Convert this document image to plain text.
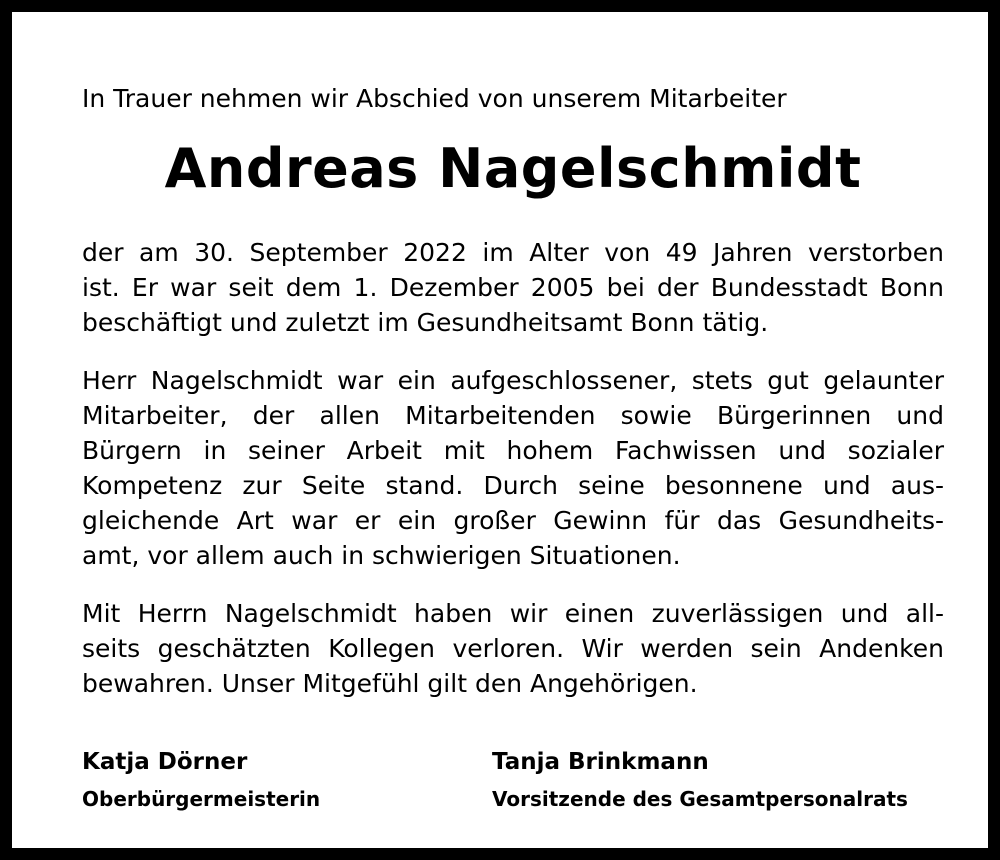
In Trauer nehmen wir Abschied von unserem Mitarbeiter
Andreas Nagelschmidt
der am 30. September 2022 im Alter von 49 Jahren verstorben
ist. Er war seit dem 1. Dezember 2005 bei der Bundesstadt Bonn
beschäftigt und zuletzt im Gesundheitsamt Bonn tätig.
Herr Nagelschmidt war ein aufgeschlossener, stets gut gelaunter
Mitarbeiter, der allen Mitarbeitenden sowie Bürgerinnen und
Bürgern in seiner Arbeit mit hohem Fachwissen und sozialer
Kompetenz zur Seite stand. Durch seine besonnene und aus-
gleichende Art war er ein großer Gewinn für das Gesundheits-
amt, vor allem auch in schwierigen Situationen.
Mit Herrn Nagelschmidt haben wir einen zuverlässigen und all-
seits geschätzten Kollegen verloren. Wir werden sein Andenken
bewahren. Unser Mitgefühl gilt den Angehörigen.
Katja Dörner
Oberbürgermeisterin
Tanja Brinkmann
Vorsitzende des Gesamtpersonalrats
